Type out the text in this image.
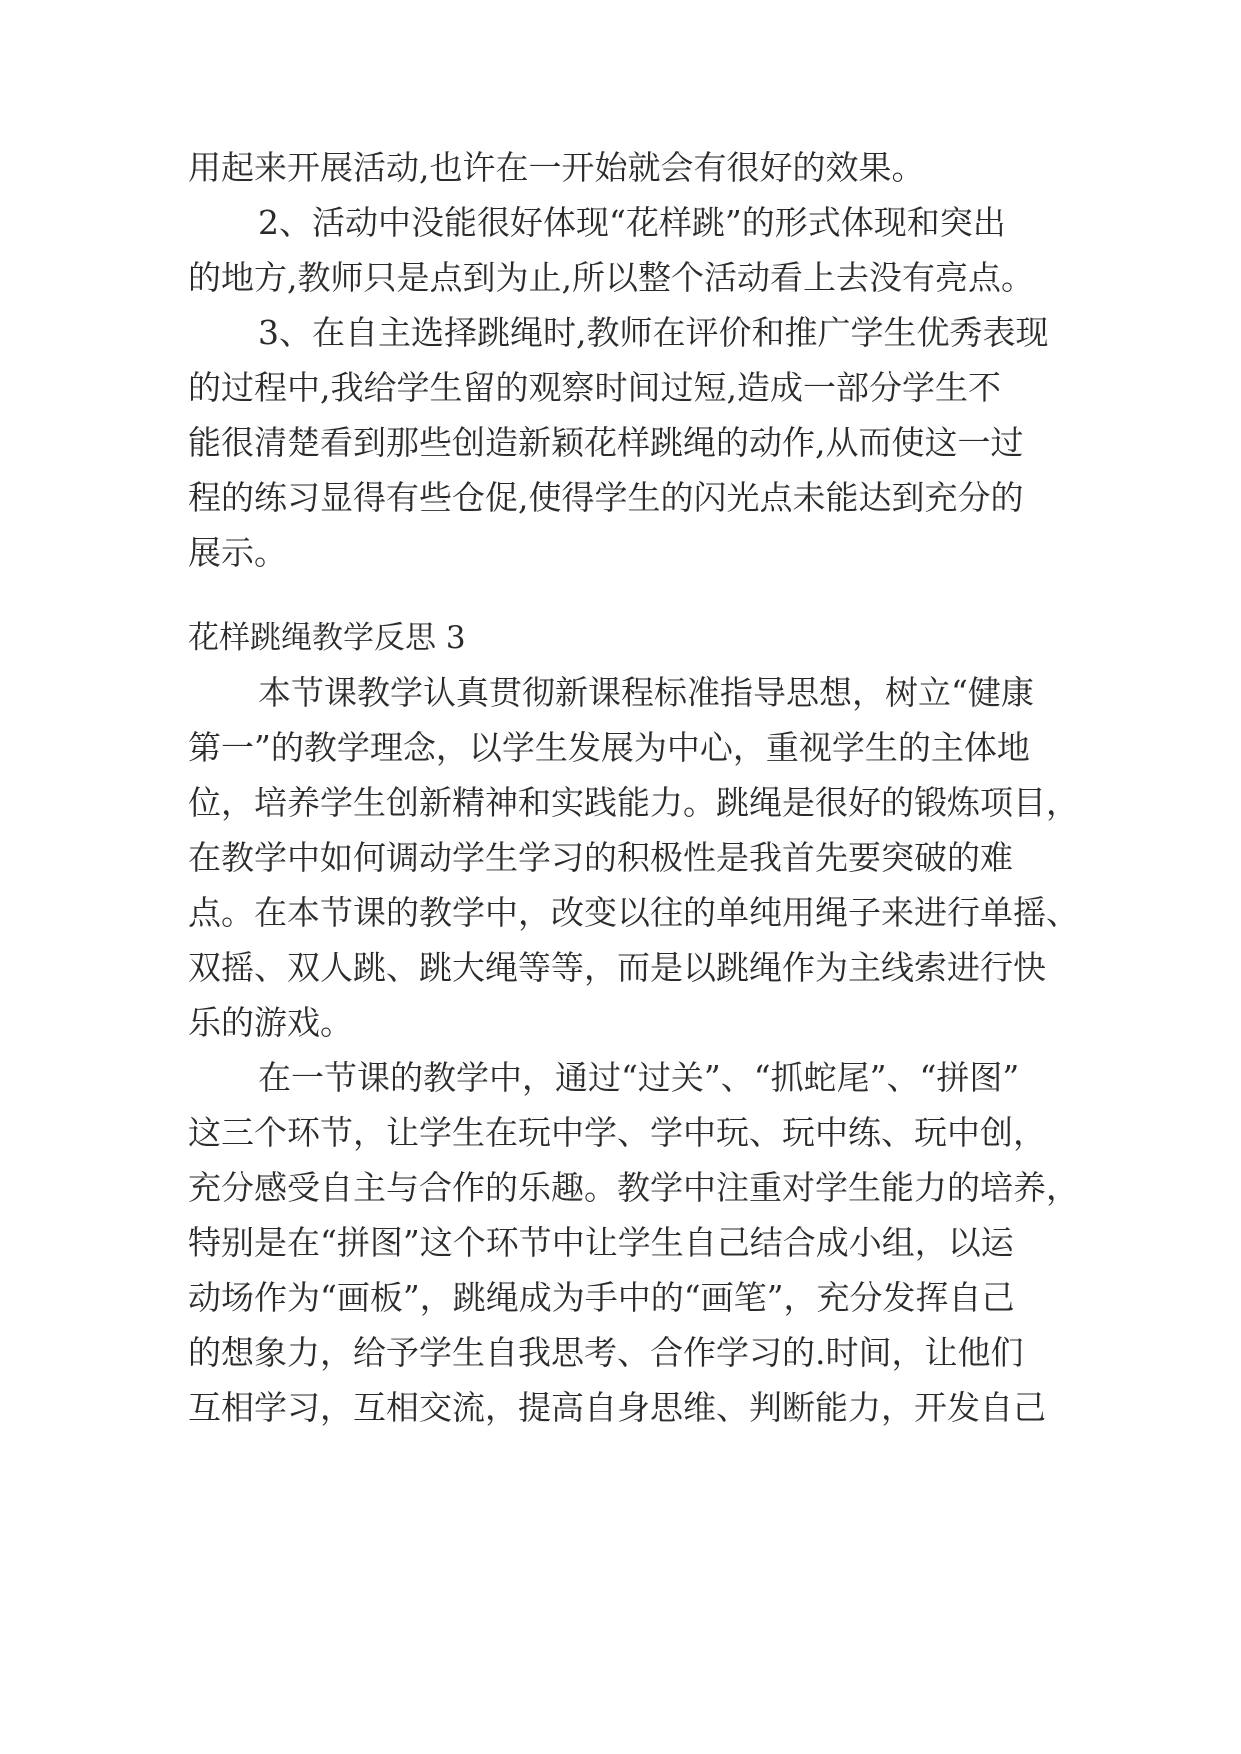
用起来开展活动,也许在一开始就会有很好的效果。
2、活动中没能很好体现“花样跳”的形式体现和突出
的地方,教师只是点到为止,所以整个活动看上去没有亮点。
3、在自主选择跳绳时,教师在评价和推广学生优秀表现
的过程中,我给学生留的观察时间过短,造成一部分学生不
能很清楚看到那些创造新颖花样跳绳的动作,从而使这一过
程的练习显得有些仓促,使得学生的闪光点未能达到充分的
展示。
花样跳绳教学反思 3
本节课教学认真贯彻新课程标准指导思想，树立“健康
第一”的教学理念，以学生发展为中心，重视学生的主体地
位，培养学生创新精神和实践能力。跳绳是很好的锻炼项目，
在教学中如何调动学生学习的积极性是我首先要突破的难
点。在本节课的教学中，改变以往的单纯用绳子来进行单摇、
双摇、双人跳、跳大绳等等，而是以跳绳作为主线索进行快
乐的游戏。
在一节课的教学中，通过“过关”、“抓蛇尾”、“拼图”
这三个环节，让学生在玩中学、学中玩、玩中练、玩中创，
充分感受自主与合作的乐趣。教学中注重对学生能力的培养，
特别是在“拼图”这个环节中让学生自己结合成小组，以运
动场作为“画板”，跳绳成为手中的“画笔”，充分发挥自己
的想象力，给予学生自我思考、合作学习的.时间，让他们
互相学习，互相交流，提高自身思维、判断能力，开发自己
